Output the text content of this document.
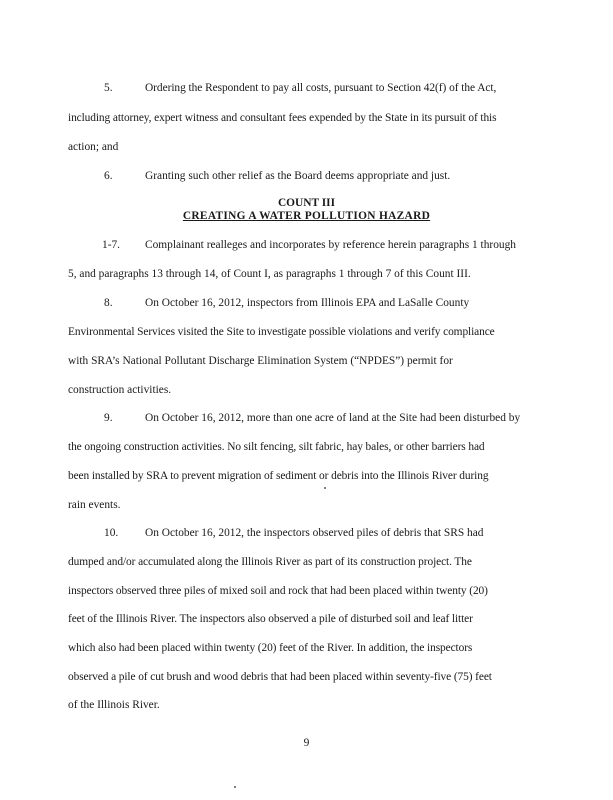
5.	Ordering the Respondent to pay all costs, pursuant to Section 42(f) of the Act,
including attorney, expert witness and consultant fees expended by the State in its pursuit of this
action; and
6.	Granting such other relief as the Board deems appropriate and just.
COUNT III
CREATING A WATER POLLUTION HAZARD
1-7. Complainant realleges and incorporates by reference herein paragraphs 1 through
5, and paragraphs 13 through 14, of Count I, as paragraphs 1 through 7 of this Count III.
8.	On October 16, 2012, inspectors from Illinois EPA and LaSalle County
Environmental Services visited the Site to investigate possible violations and verify compliance
with SRA’s National Pollutant Discharge Elimination System (“NPDES”) permit for
construction activities.
9.	On October 16, 2012, more than one acre of land at the Site had been disturbed by
the ongoing construction activities. No silt fencing, silt fabric, hay bales, or other barriers had
been installed by SRA to prevent migration of sediment or debris into the Illinois River during
rain events.
10. On October 16, 2012, the inspectors observed piles of debris that SRS had
dumped and/or accumulated along the Illinois River as part of its construction project. The
inspectors observed three piles of mixed soil and rock that had been placed within twenty (20)
feet of the Illinois River. The inspectors also observed a pile of disturbed soil and leaf litter
which also had been placed within twenty (20) feet of the River. In addition, the inspectors
observed a pile of cut brush and wood debris that had been placed within seventy-five (75) feet
of the Illinois River.
9
